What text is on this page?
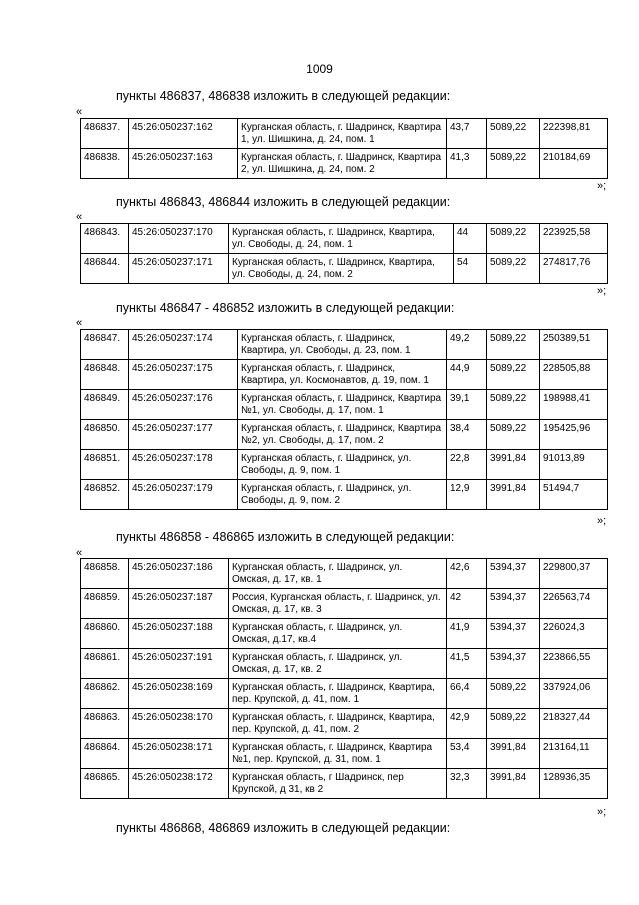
1009
пункты 486837, 486838 изложить в следующей редакции:
«
486837.	45:26:050237:162	Курганская область, г. Шадринск, Квартира 1, ул. Шишкина, д. 24, пом. 1	43,7	5089,22	222398,81
486838.	45:26:050237:163	Курганская область, г. Шадринск, Квартира 2, ул. Шишкина, д. 24, пом. 2	41,3	5089,22	210184,69
»;
пункты 486843, 486844 изложить в следующей редакции:
«
486843.	45:26:050237:170	Курганская область, г. Шадринск, Квартира, ул. Свободы, д. 24, пом. 1	44	5089,22	223925,58
486844.	45:26:050237:171	Курганская область, г. Шадринск, Квартира, ул. Свободы, д. 24, пом. 2	54	5089,22	274817,76
»;
пункты 486847 - 486852 изложить в следующей редакции:
«
486847.	45:26:050237:174	Курганская область, г. Шадринск, Квартира, ул. Свободы, д. 23, пом. 1	49,2	5089,22	250389,51
486848.	45:26:050237:175	Курганская область, г. Шадринск, Квартира, ул. Космонавтов, д. 19, пом. 1	44,9	5089,22	228505,88
486849.	45:26:050237:176	Курганская область, г. Шадринск, Квартира №1, ул. Свободы, д. 17, пом. 1	39,1	5089,22	198988,41
486850.	45:26:050237:177	Курганская область, г. Шадринск, Квартира №2, ул. Свободы, д. 17, пом. 2	38,4	5089,22	195425,96
486851.	45:26:050237:178	Курганская область, г. Шадринск, ул. Свободы, д. 9, пом. 1	22,8	3991,84	91013,89
486852.	45:26:050237:179	Курганская область, г. Шадринск, ул. Свободы, д. 9, пом. 2	12,9	3991,84	51494,7
»;
пункты 486858 - 486865 изложить в следующей редакции:
«
486858.	45:26:050237:186	Курганская область, г. Шадринск, ул. Омская, д. 17, кв. 1	42,6	5394,37	229800,37
486859.	45:26:050237:187	Россия, Курганская область, г. Шадринск, ул. Омская, д. 17, кв. 3	42	5394,37	226563,74
486860.	45:26:050237:188	Курганская область, г. Шадринск, ул. Омская, д.17, кв.4	41,9	5394,37	226024,3
486861.	45:26:050237:191	Курганская область, г. Шадринск, ул. Омская, д. 17, кв. 2	41,5	5394,37	223866,55
486862.	45:26:050238:169	Курганская область, г. Шадринск, Квартира, пер. Крупской, д. 41, пом. 1	66,4	5089,22	337924,06
486863.	45:26:050238:170	Курганская область, г. Шадринск, Квартира, пер. Крупской, д. 41, пом. 2	42,9	5089,22	218327,44
486864.	45:26:050238:171	Курганская область, г. Шадринск, Квартира №1, пер. Крупской, д. 31, пом. 1	53,4	3991,84	213164,11
486865.	45:26:050238:172	Курганская область, г Шадринск, пер Крупской, д 31, кв 2	32,3	3991,84	128936,35
»;
пункты 486868, 486869 изложить в следующей редакции:
